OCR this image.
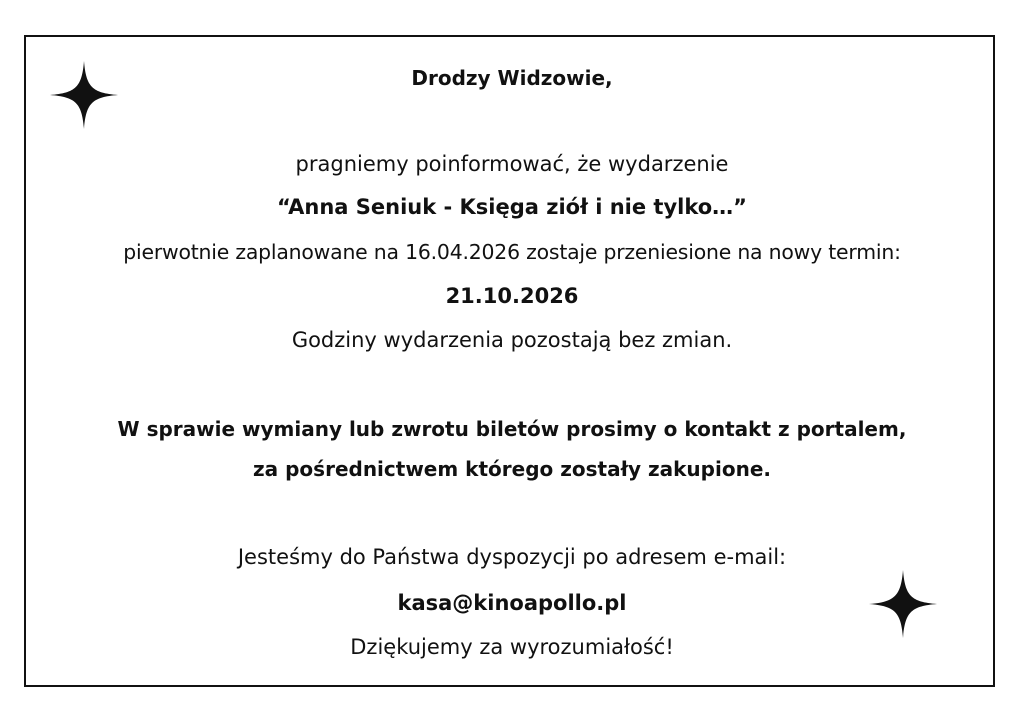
Drodzy Widzowie,
pragniemy poinformować, że wydarzenie
“Anna Seniuk - Księga ziół i nie tylko…”
pierwotnie zaplanowane na 16.04.2026 zostaje przeniesione na nowy termin:
21.10.2026
Godziny wydarzenia pozostają bez zmian.
W sprawie wymiany lub zwrotu biletów prosimy o kontakt z portalem,
za pośrednictwem którego zostały zakupione.
Jesteśmy do Państwa dyspozycji po adresem e-mail:
kasa@kinoapollo.pl
Dziękujemy za wyrozumiałość!
